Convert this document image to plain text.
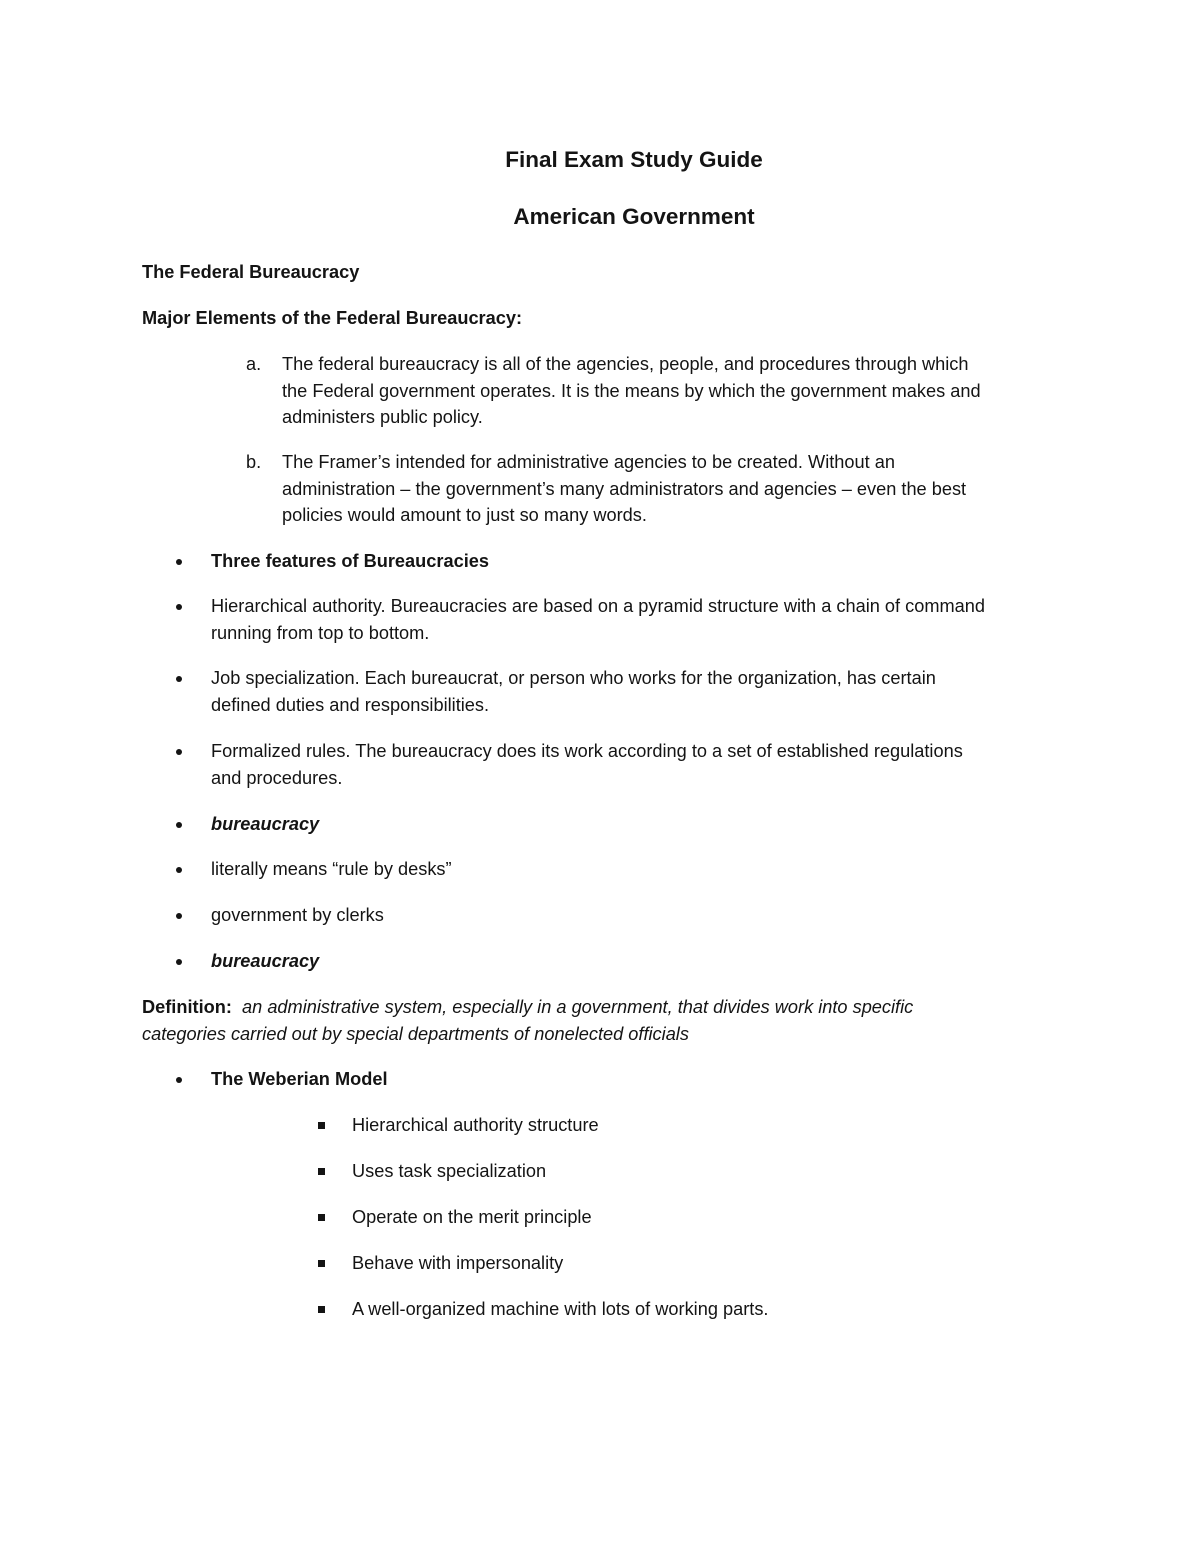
Final Exam Study Guide

American Government

The Federal Bureaucracy

Major Elements of the Federal Bureaucracy:

a. The federal bureaucracy is all of the agencies, people, and procedures through which
the Federal government operates. It is the means by which the government makes and
administers public policy.
b. The Framer’s intended for administrative agencies to be created. Without an
administration – the government’s many administrators and agencies – even the best
policies would amount to just so many words.
Three features of Bureaucracies
Hierarchical authority. Bureaucracies are based on a pyramid structure with a chain of command
running from top to bottom.
Job specialization. Each bureaucrat, or person who works for the organization, has certain
defined duties and responsibilities.
Formalized rules. The bureaucracy does its work according to a set of established regulations
and procedures.
bureaucracy
literally means “rule by desks”
government by clerks
bureaucracy
Definition: an administrative system, especially in a government, that divides work into specific
categories carried out by special departments of nonelected officials
The Weberian Model
Hierarchical authority structure
Uses task specialization
Operate on the merit principle
Behave with impersonality
A well-organized machine with lots of working parts.
